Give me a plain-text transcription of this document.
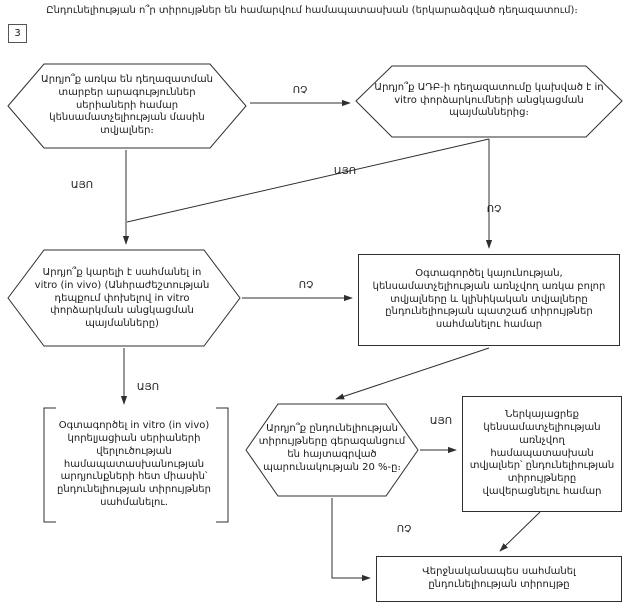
Ընդունելիության ո՞ր տիրույթներ են համարվում համապատասխան (երկարաձգված դեղազատում)։
3
Արդյո՞ք առկա են դեղազատման տարբեր արագություններ սերիաների համար կենսամատչելիության մասին տվյալներ։
Արդյո՞ք ԱԴԲ-ի դեղազատումը կախված է in vitro փորձարկումների անցկացման պայմաններից։
Արդյո՞ք կարելի է սահմանել in vitro (in vivo) (Անհրաժեշտության դեպքում փոխելով in vitro փորձարկման անցկացման պայմանները)
Արդյո՞ք ընդունելիության տիրույթները գերազանցում են հայտագրված պարունակության 20 %-ը։
Օգտագործել կայունության, կենսամատչելիության առնչվող առկա բոլոր տվյալները և կլինիկական տվյալները ընդունելիության պատշաճ տիրույթներ սահմանելու համար
Օգտագործել in vitro (in vivo) կորելյացիան սերիաների վերլուծության համապատասխանության արդյունքների հետ միասին՝ ընդունելիության տիրույթներ սահմանելու.
Ներկայացրեք կենսամատչելիության առնչվող համապատասխան տվյալներ՝ ընդունելիության տիրույթները վավերացնելու համար
Վերջնականապես սահմանել ընդունելիության տիրույթը
ՈՉ
ԱՅՈ
ԱՅՈ
ՈՉ
ՈՉ
ԱՅՈ
ԱՅՈ
ՈՉ
